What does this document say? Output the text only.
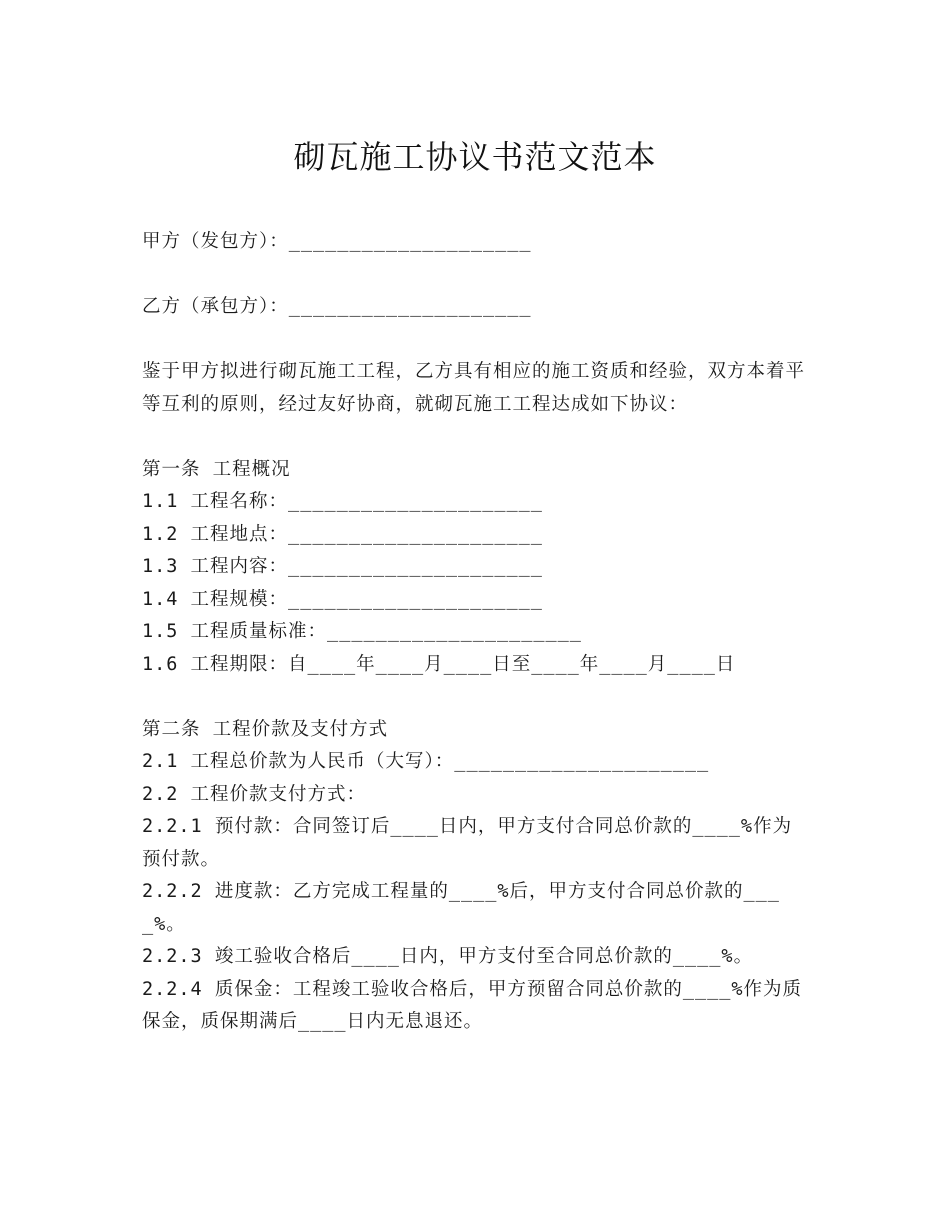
砌瓦施工协议书范文范本

甲方（发包方）：____________________

乙方（承包方）：____________________

鉴于甲方拟进行砌瓦施工工程，乙方具有相应的施工资质和经验，双方本着平等互利的原则，经过友好协商，就砌瓦施工工程达成如下协议：

第一条 工程概况

1.1 工程名称：_____________________

1.2 工程地点：_____________________

1.3 工程内容：_____________________

1.4 工程规模：_____________________

1.5 工程质量标准：_____________________

1.6 工程期限：自____年____月____日至____年____月____日

第二条 工程价款及支付方式

2.1 工程总价款为人民币（大写）：_____________________

2.2 工程价款支付方式：

2.2.1 预付款：合同签订后____日内，甲方支付合同总价款的____%作为预付款。

2.2.2 进度款：乙方完成工程量的____%后，甲方支付合同总价款的____%。

2.2.3 竣工验收合格后____日内，甲方支付至合同总价款的____%。

2.2.4 质保金：工程竣工验收合格后，甲方预留合同总价款的____%作为质保金，质保期满后____日内无息退还。
